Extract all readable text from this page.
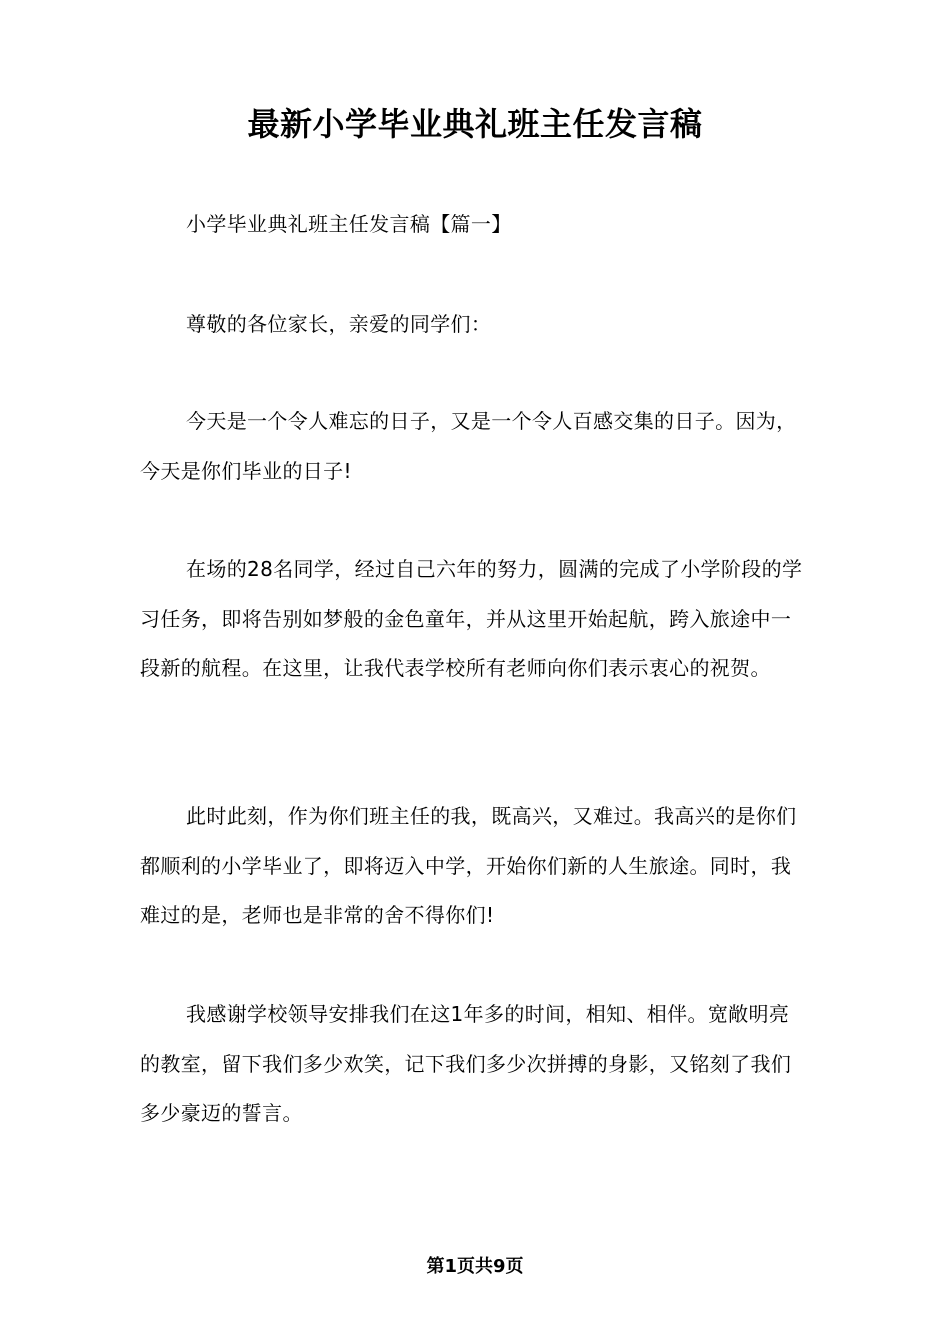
最新小学毕业典礼班主任发言稿

小学毕业典礼班主任发言稿【篇一】

尊敬的各位家长，亲爱的同学们：

今天是一个令人难忘的日子，又是一个令人百感交集的日子。因为，今天是你们毕业的日子!

在场的28名同学，经过自己六年的努力，圆满的完成了小学阶段的学习任务，即将告别如梦般的金色童年，并从这里开始起航，跨入旅途中一段新的航程。在这里，让我代表学校所有老师向你们表示衷心的祝贺。

此时此刻，作为你们班主任的我，既高兴，又难过。我高兴的是你们都顺利的小学毕业了，即将迈入中学，开始你们新的人生旅途。同时，我难过的是，老师也是非常的舍不得你们!

我感谢学校领导安排我们在这1年多的时间，相知、相伴。宽敞明亮的教室，留下我们多少欢笑，记下我们多少次拼搏的身影，又铭刻了我们多少豪迈的誓言。

第1页共9页
